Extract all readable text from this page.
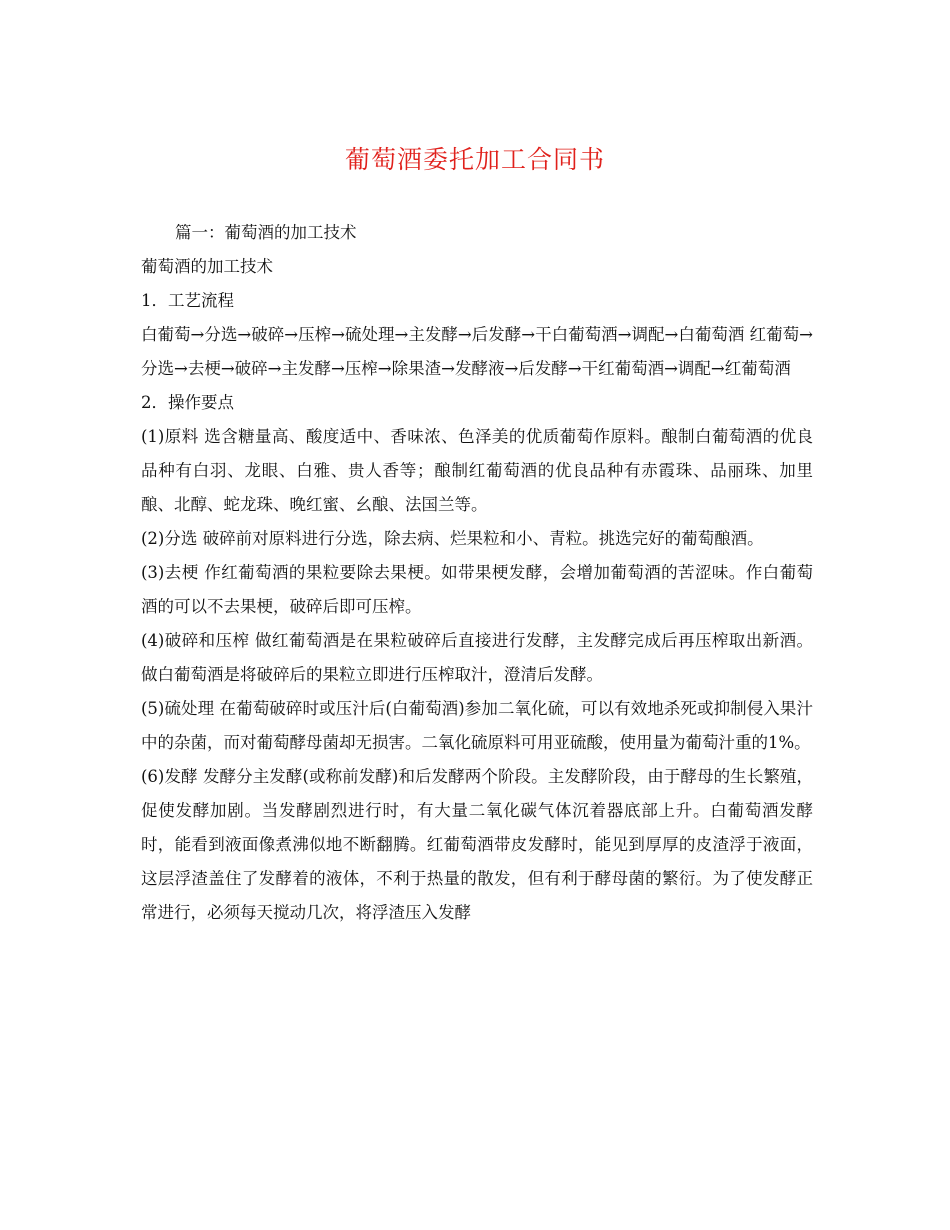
葡萄酒委托加工合同书

篇一：葡萄酒的加工技术

葡萄酒的加工技术

1．工艺流程

白葡萄→分选→破碎→压榨→硫处理→主发酵→后发酵→干白葡萄酒→调配→白葡萄酒 红葡萄→分选→去梗→破碎→主发酵→压榨→除果渣→发酵液→后发酵→干红葡萄酒→调配→红葡萄酒

2．操作要点

(1)原料 选含糖量高、酸度适中、香味浓、色泽美的优质葡萄作原料。酿制白葡萄酒的优良品种有白羽、龙眼、白雅、贵人香等；酿制红葡萄酒的优良品种有赤霞珠、品丽珠、加里酿、北醇、蛇龙珠、晚红蜜、幺酿、法国兰等。

(2)分选 破碎前对原料进行分选，除去病、烂果粒和小、青粒。挑选完好的葡萄酿酒。

(3)去梗 作红葡萄酒的果粒要除去果梗。如带果梗发酵，会增加葡萄酒的苦涩味。作白葡萄酒的可以不去果梗，破碎后即可压榨。

(4)破碎和压榨 做红葡萄酒是在果粒破碎后直接进行发酵，主发酵完成后再压榨取出新酒。做白葡萄酒是将破碎后的果粒立即进行压榨取汁，澄清后发酵。

(5)硫处理 在葡萄破碎时或压汁后(白葡萄酒)参加二氧化硫，可以有效地杀死或抑制侵入果汁中的杂菌，而对葡萄酵母菌却无损害。二氧化硫原料可用亚硫酸，使用量为葡萄汁重的1%。

(6)发酵 发酵分主发酵(或称前发酵)和后发酵两个阶段。主发酵阶段，由于酵母的生长繁殖，促使发酵加剧。当发酵剧烈进行时，有大量二氧化碳气体沉着器底部上升。白葡萄酒发酵时，能看到液面像煮沸似地不断翻腾。红葡萄酒带皮发酵时，能见到厚厚的皮渣浮于液面，这层浮渣盖住了发酵着的液体，不利于热量的散发，但有利于酵母菌的繁衍。为了使发酵正常进行，必须每天搅动几次，将浮渣压入发酵
